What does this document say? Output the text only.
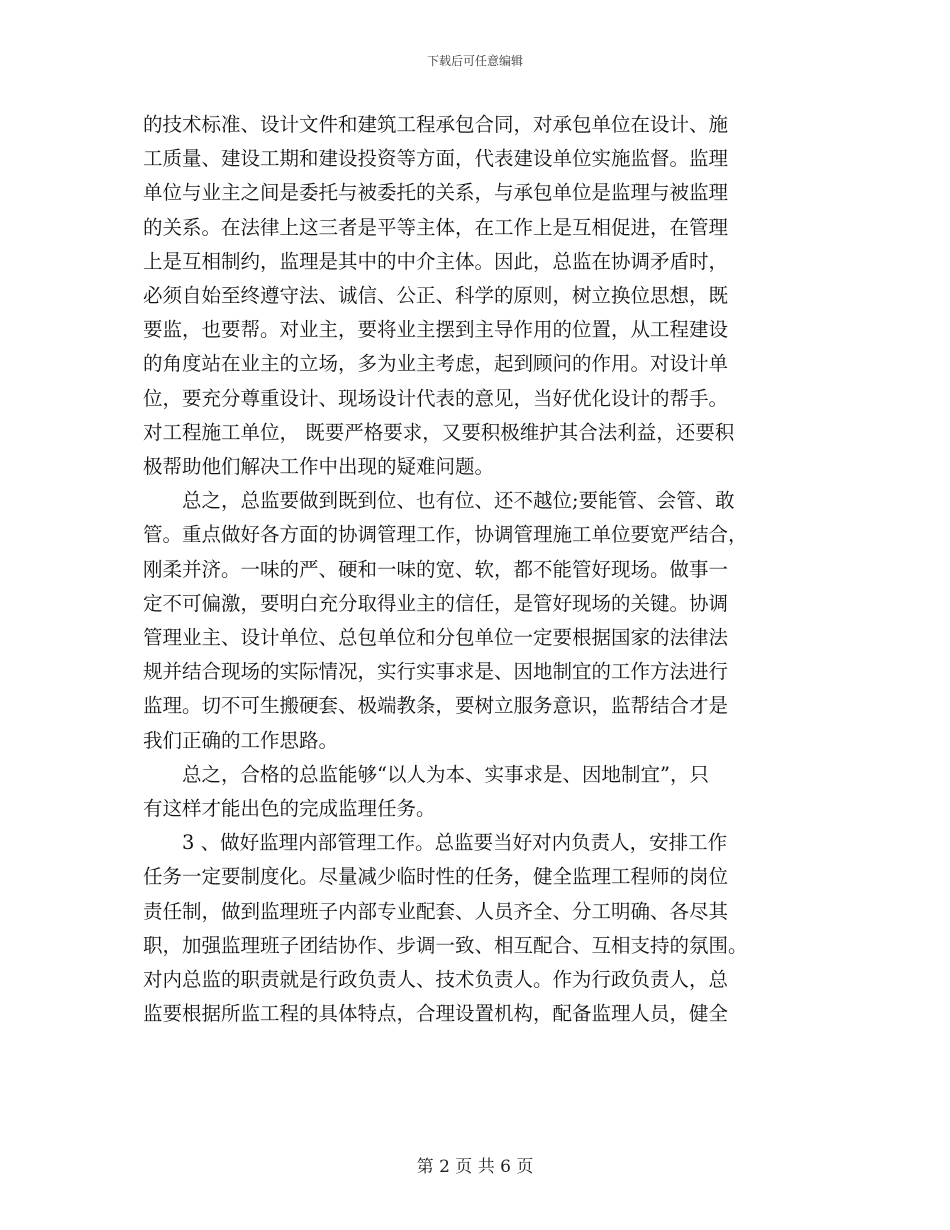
下载后可任意编辑

的技术标准、设计文件和建筑工程承包合同，对承包单位在设计、施
工质量、建设工期和建设投资等方面，代表建设单位实施监督。监理
单位与业主之间是委托与被委托的关系，与承包单位是监理与被监理
的关系。在法律上这三者是平等主体，在工作上是互相促进，在管理
上是互相制约，监理是其中的中介主体。因此，总监在协调矛盾时，
必须自始至终遵守法、诚信、公正、科学的原则，树立换位思想，既
要监，也要帮。对业主，要将业主摆到主导作用的位置，从工程建设
的角度站在业主的立场，多为业主考虑，起到顾问的作用。对设计单
位，要充分尊重设计、现场设计代表的意见，当好优化设计的帮手。
对工程施工单位， 既要严格要求，又要积极维护其合法利益，还要积
极帮助他们解决工作中出现的疑难问题。

　　总之，总监要做到既到位、也有位、还不越位;要能管、会管、敢
管。重点做好各方面的协调管理工作，协调管理施工单位要宽严结合，
刚柔并济。一味的严、硬和一味的宽、软，都不能管好现场。做事一
定不可偏激，要明白充分取得业主的信任，是管好现场的关键。协调
管理业主、设计单位、总包单位和分包单位一定要根据国家的法律法
规并结合现场的实际情况，实行实事求是、因地制宜的工作方法进行
监理。切不可生搬硬套、极端教条，要树立服务意识，监帮结合才是
我们正确的工作思路。

　　总之，合格的总监能够“以人为本、实事求是、因地制宜”，只
有这样才能出色的完成监理任务。

　　3 、做好监理内部管理工作。总监要当好对内负责人，安排工作
任务一定要制度化。尽量减少临时性的任务，健全监理工程师的岗位
责任制，做到监理班子内部专业配套、人员齐全、分工明确、各尽其
职，加强监理班子团结协作、步调一致、相互配合、互相支持的氛围。
对内总监的职责就是行政负责人、技术负责人。作为行政负责人，总
监要根据所监工程的具体特点，合理设置机构，配备监理人员，健全

第 2 页 共 6 页
